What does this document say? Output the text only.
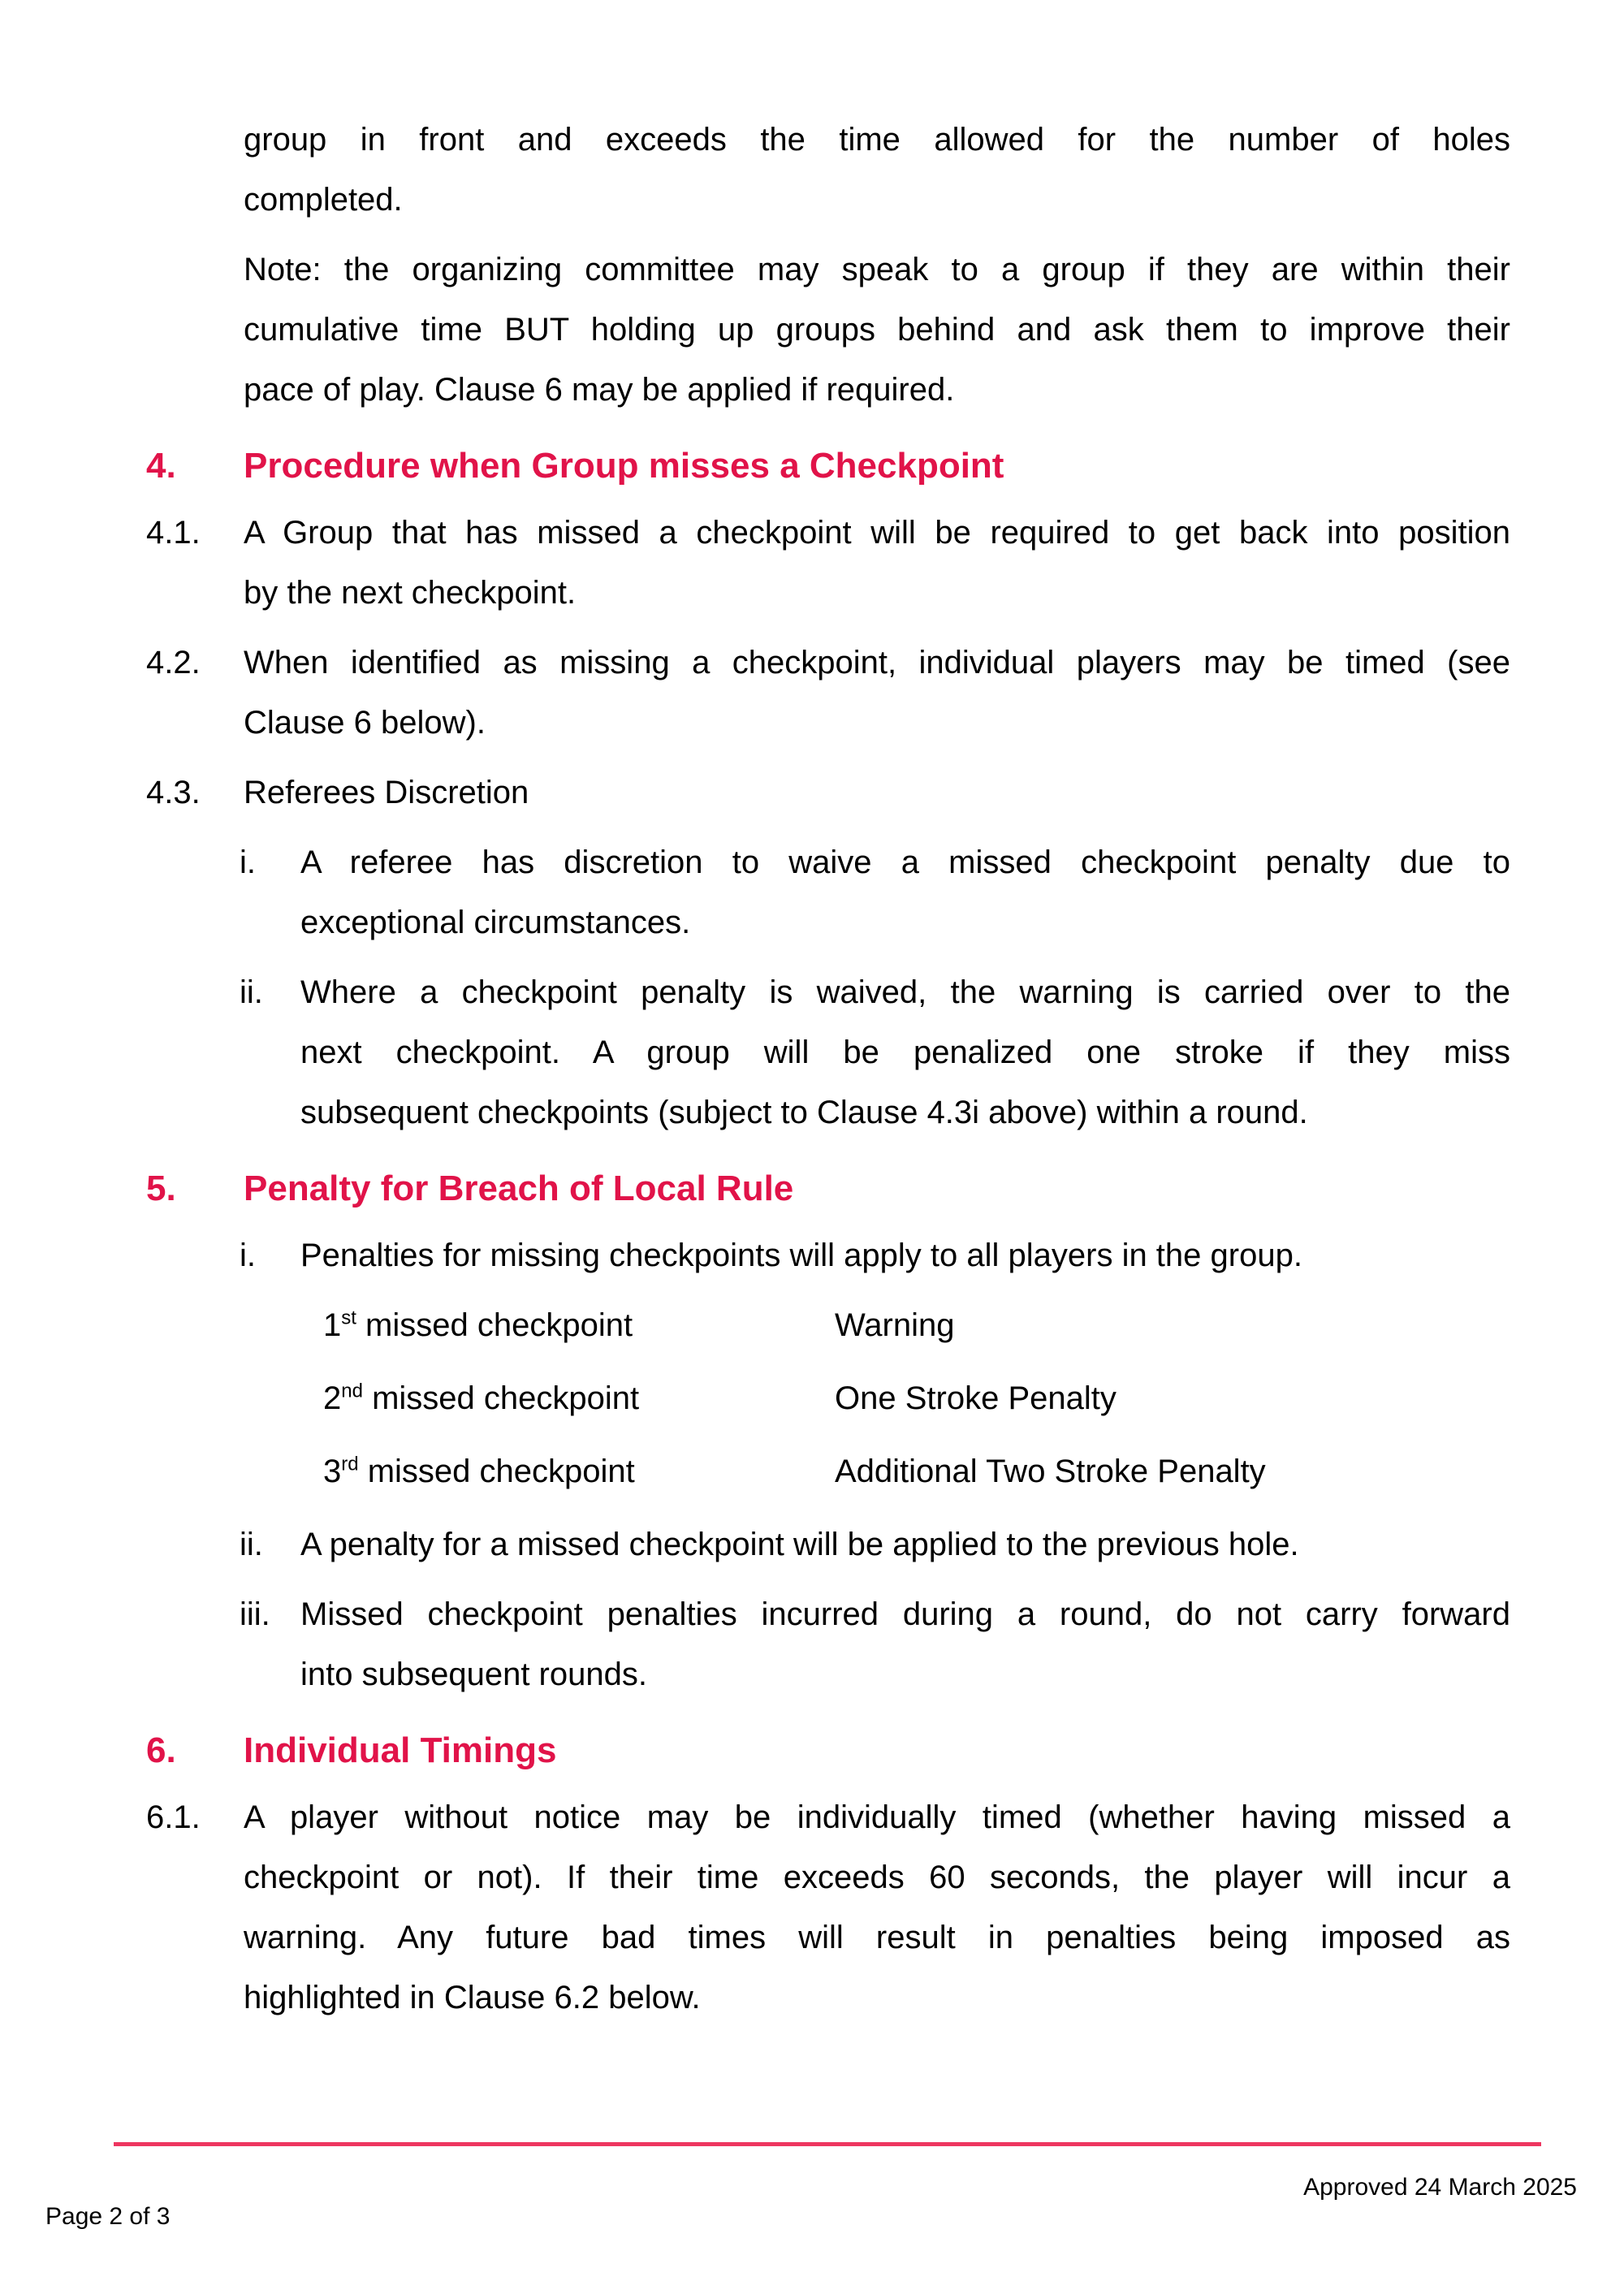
group in front and exceeds the time allowed for the number of holes
completed.

Note: the organizing committee may speak to a group if they are within their
cumulative time BUT holding up groups behind and ask them to improve their
pace of play. Clause 6 may be applied if required.

4. Procedure when Group misses a Checkpoint
4.1. A Group that has missed a checkpoint will be required to get back into position
by the next checkpoint.
4.2. When identified as missing a checkpoint, individual players may be timed (see
Clause 6 below).
4.3. Referees Discretion
i. A referee has discretion to waive a missed checkpoint penalty due to
exceptional circumstances.
ii. Where a checkpoint penalty is waived, the warning is carried over to the
next checkpoint. A group will be penalized one stroke if they miss
subsequent checkpoints (subject to Clause 4.3i above) within a round.
5. Penalty for Breach of Local Rule
i. Penalties for missing checkpoints will apply to all players in the group.
1st missed checkpoint	Warning
2nd missed checkpoint	One Stroke Penalty
3rd missed checkpoint	Additional Two Stroke Penalty
ii. A penalty for a missed checkpoint will be applied to the previous hole.
iii. Missed checkpoint penalties incurred during a round, do not carry forward
into subsequent rounds.
6. Individual Timings
6.1. A player without notice may be individually timed (whether having missed a
checkpoint or not). If their time exceeds 60 seconds, the player will incur a
warning. Any future bad times will result in penalties being imposed as
highlighted in Clause 6.2 below.
Approved 24 March 2025
Page 2 of 3
